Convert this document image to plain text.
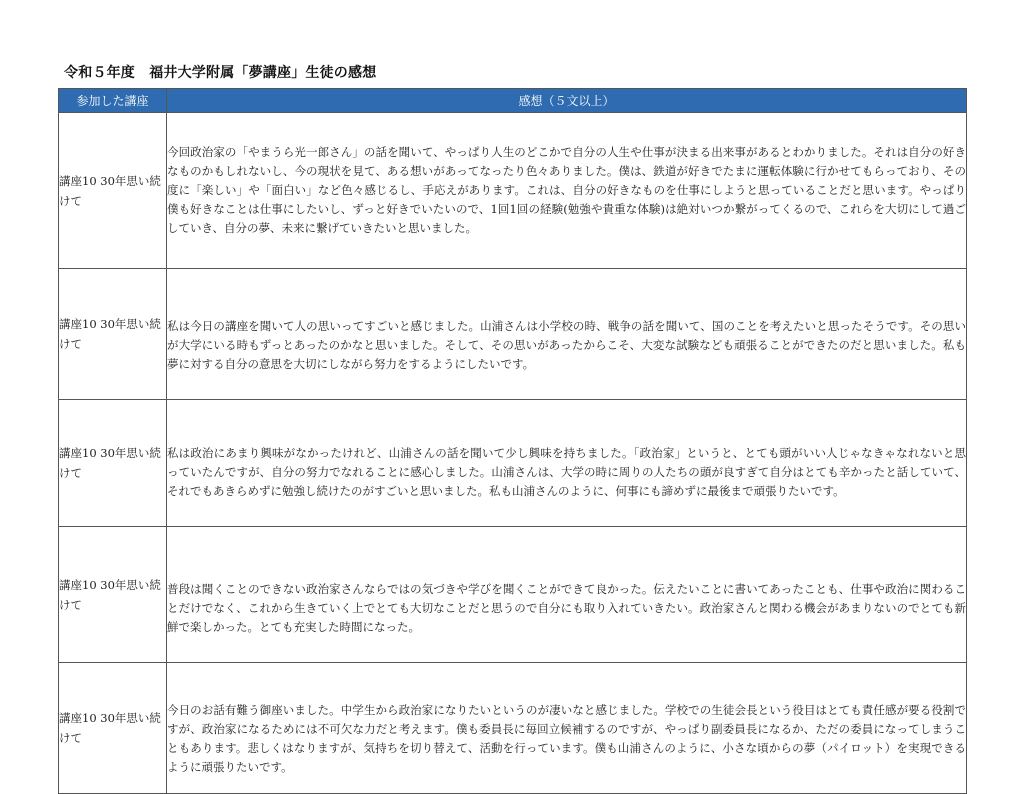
令和５年度　福井大学附属「夢講座」生徒の感想
参加した講座	感想（５文以上）
講座10 30年思い続けて	今回政治家の「やまうら光一郎さん」の話を聞いて、やっぱり人生のどこかで自分の人生や仕事が決まる出来事があるとわかりました。それは自分の好きなものかもしれないし、今の現状を見て、ある想いがあってなったり色々ありました。僕は、鉄道が好きでたまに運転体験に行かせてもらっており、その度に「楽しい」や「面白い」など色々感じるし、手応えがあります。これは、自分の好きなものを仕事にしようと思っていることだと思います。やっぱり僕も好きなことは仕事にしたいし、ずっと好きでいたいので、1回1回の経験(勉強や貴重な体験)は絶対いつか繋がってくるので、これらを大切にして過ごしていき、自分の夢、未来に繋げていきたいと思いました。
講座10 30年思い続けて	私は今日の講座を聞いて人の思いってすごいと感じました。山浦さんは小学校の時、戦争の話を聞いて、国のことを考えたいと思ったそうです。その思いが大学にいる時もずっとあったのかなと思いました。そして、その思いがあったからこそ、大変な試験なども頑張ることができたのだと思いました。私も夢に対する自分の意思を大切にしながら努力をするようにしたいです。
講座10 30年思い続けて	私は政治にあまり興味がなかったけれど、山浦さんの話を聞いて少し興味を持ちました。「政治家」というと、とても頭がいい人じゃなきゃなれないと思っていたんですが、自分の努力でなれることに感心しました。山浦さんは、大学の時に周りの人たちの頭が良すぎて自分はとても辛かったと話していて、それでもあきらめずに勉強し続けたのがすごいと思いました。私も山浦さんのように、何事にも諦めずに最後まで頑張りたいです。
講座10 30年思い続けて	普段は聞くことのできない政治家さんならではの気づきや学びを聞くことができて良かった。伝えたいことに書いてあったことも、仕事や政治に関わることだけでなく、これから生きていく上でとても大切なことだと思うので自分にも取り入れていきたい。政治家さんと関わる機会があまりないのでとても新鮮で楽しかった。とても充実した時間になった。
講座10 30年思い続けて	今日のお話有難う御座いました。中学生から政治家になりたいというのが凄いなと感じました。学校での生徒会長という役目はとても責任感が要る役割ですが、政治家になるためには不可欠な力だと考えます。僕も委員長に毎回立候補するのですが、やっぱり副委員長になるか、ただの委員になってしまうこともあります。悲しくはなりますが、気持ちを切り替えて、活動を行っています。僕も山浦さんのように、小さな頃からの夢（パイロット）を実現できるように頑張りたいです。
